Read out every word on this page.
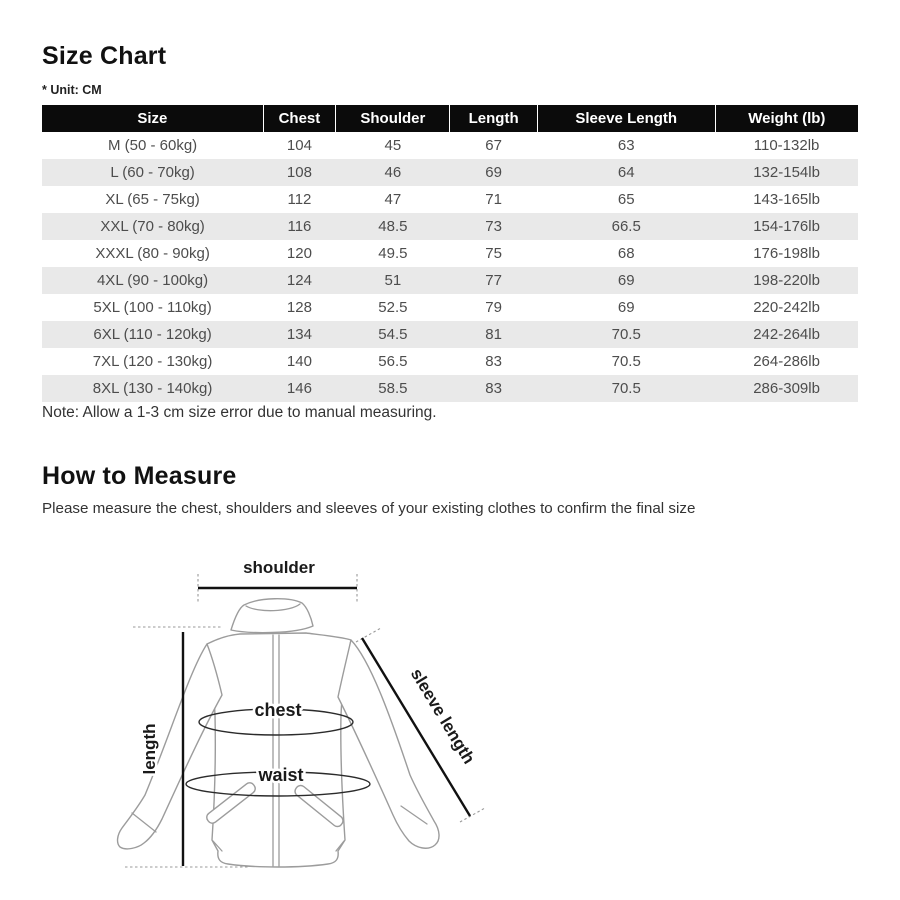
Size Chart
* Unit: CM
Size	Chest	Shoulder	Length	Sleeve Length	Weight (lb)
M (50 - 60kg)	104	45	67	63	110-132lb
L (60 - 70kg)	108	46	69	64	132-154lb
XL (65 - 75kg)	112	47	71	65	143-165lb
XXL (70 - 80kg)	116	48.5	73	66.5	154-176lb
XXXL (80 - 90kg)	120	49.5	75	68	176-198lb
4XL (90 - 100kg)	124	51	77	69	198-220lb
5XL (100 - 110kg)	128	52.5	79	69	220-242lb
6XL (110 - 120kg)	134	54.5	81	70.5	242-264lb
7XL (120 - 130kg)	140	56.5	83	70.5	264-286lb
8XL (130 - 140kg)	146	58.5	83	70.5	286-309lb
Note: Allow a 1-3 cm size error due to manual measuring.
How to Measure
Please measure the chest, shoulders and sleeves of your existing clothes to confirm the final size
shoulder
length
chest
waist
sleeve length
